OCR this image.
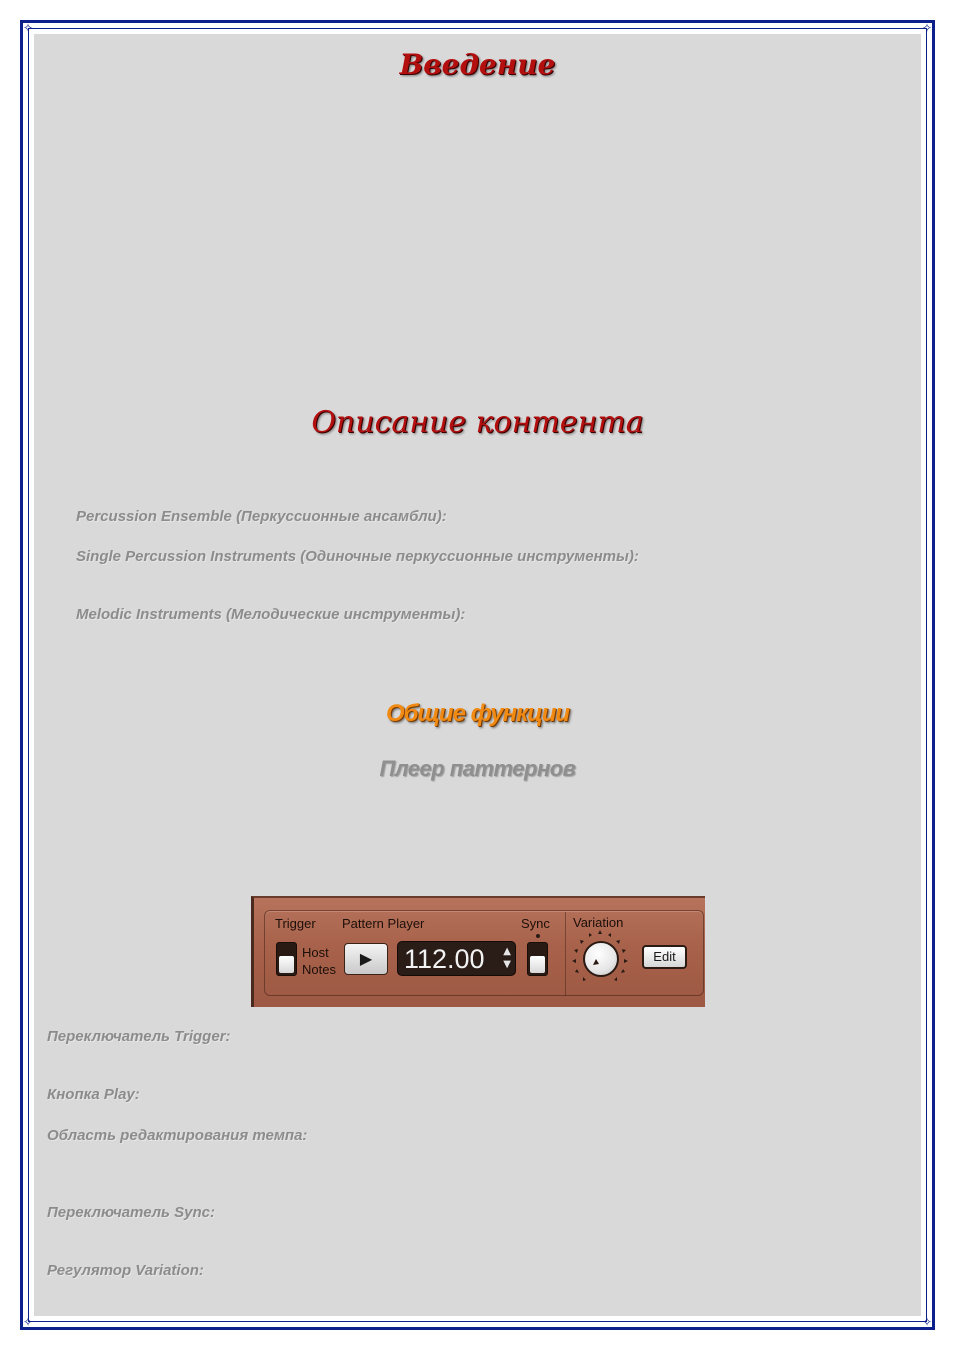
✧	✧
✧	✧
Введение
Описание контента
Percussion Ensemble (Перкуссионные ансамбли):
Single Percussion Instruments (Одиночные перкуссионные инструменты):
Melodic Instruments (Мелодические инструменты):
Общие функции
Плеер паттернов
Trigger Pattern Player	Sync Variation
Host
Notes
▶	112.00 ▲
▼
Edit
Переключатель Trigger:
Кнопка Play:
Область редактирования темпа:
Переключатель Sync:
Регулятор Variation:
